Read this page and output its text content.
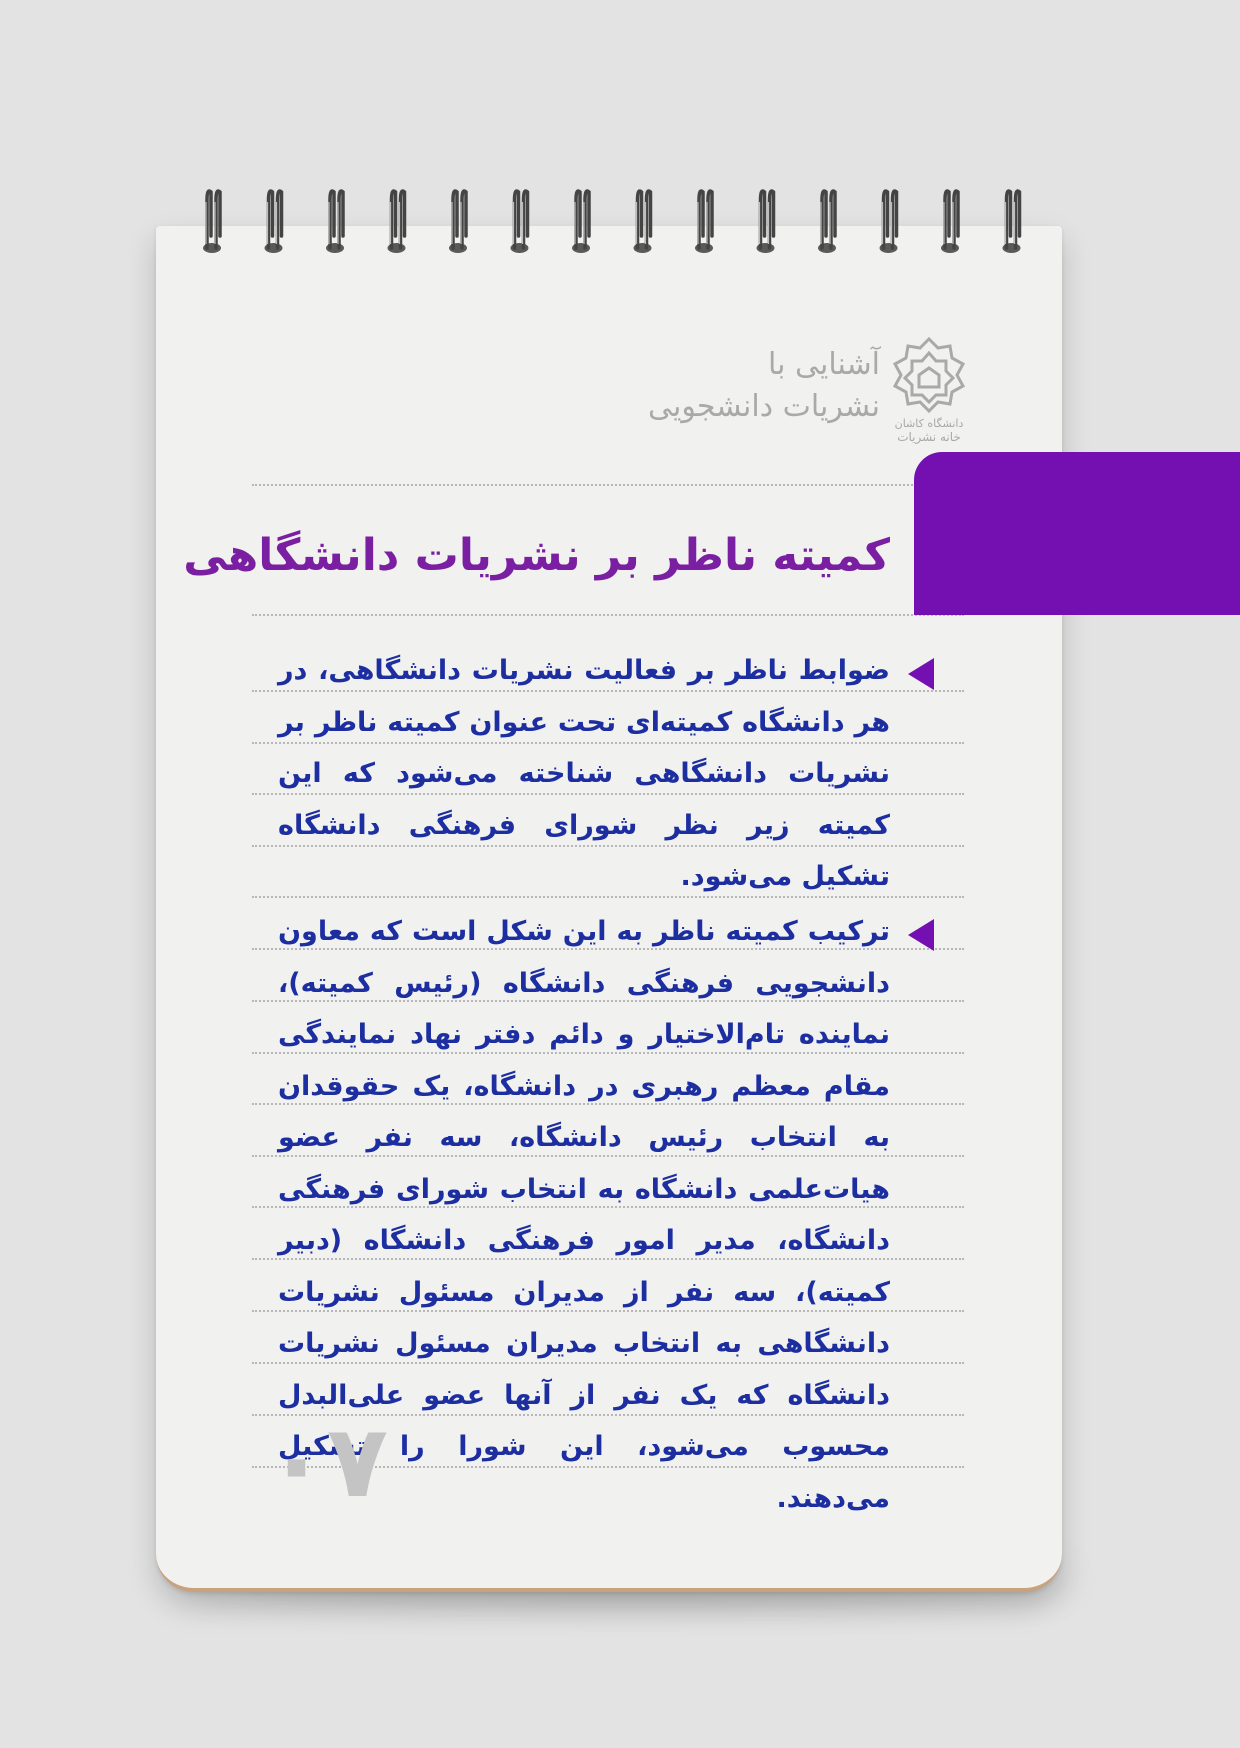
آشنایی با
نشریات دانشجویی دانشگاه کاشان
خانه نشریات
کمیته ناظر بر نشریات دانشگاهی
ضوابط ناظر بر فعالیت نشریات دانشگاهی، در هر دانشگاه کمیته‌ای تحت عنوان کمیته ناظر بر نشریات دانشگاهی شناخته می‌شود که این کمیته زیر نظر شورای فرهنگی دانشگاه تشکیل می‌شود.
ترکیب کمیته ناظر به این شکل است که معاون دانشجویی فرهنگی دانشگاه (رئیس کمیته)، نماینده تام‌الاختیار و دائم دفتر نهاد نمایندگی مقام معظم رهبری در دانشگاه، یک حقوقدان به انتخاب رئیس دانشگاه، سه نفر عضو هیات‌علمی دانشگاه به انتخاب شورای فرهنگی دانشگاه، مدیر امور فرهنگی دانشگاه (دبیر کمیته)، سه نفر از مدیران مسئول نشریات دانشگاهی به انتخاب مدیران مسئول نشریات دانشگاه که یک نفر از آنها عضو علی‌البدل محسوب می‌شود، این شورا را تشکیل می‌دهند.
۰۷
